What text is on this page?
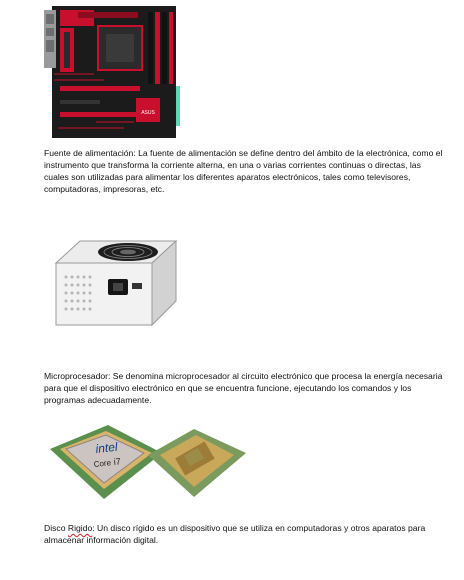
ASUS

Fuente de alimentación: La fuente de alimentación se define dentro del ámbito de la electrónica, como el instrumento que transforma la corriente alterna, en una o varias corrientes continuas o directas, las cuales son utilizadas para alimentar los diferentes aparatos electrónicos, tales como televisores, computadoras, impresoras, etc.

Microprocesador: Se denomina microprocesador al circuito electrónico que procesa la energía necesaria para que el dispositivo electrónico en que se encuentra funcione, ejecutando los comandos y los programas adecuadamente.

intel
Core i7

Disco Rigido: Un disco rígido es un dispositivo que se utiliza en computadoras y otros aparatos para almacenar información digital.
